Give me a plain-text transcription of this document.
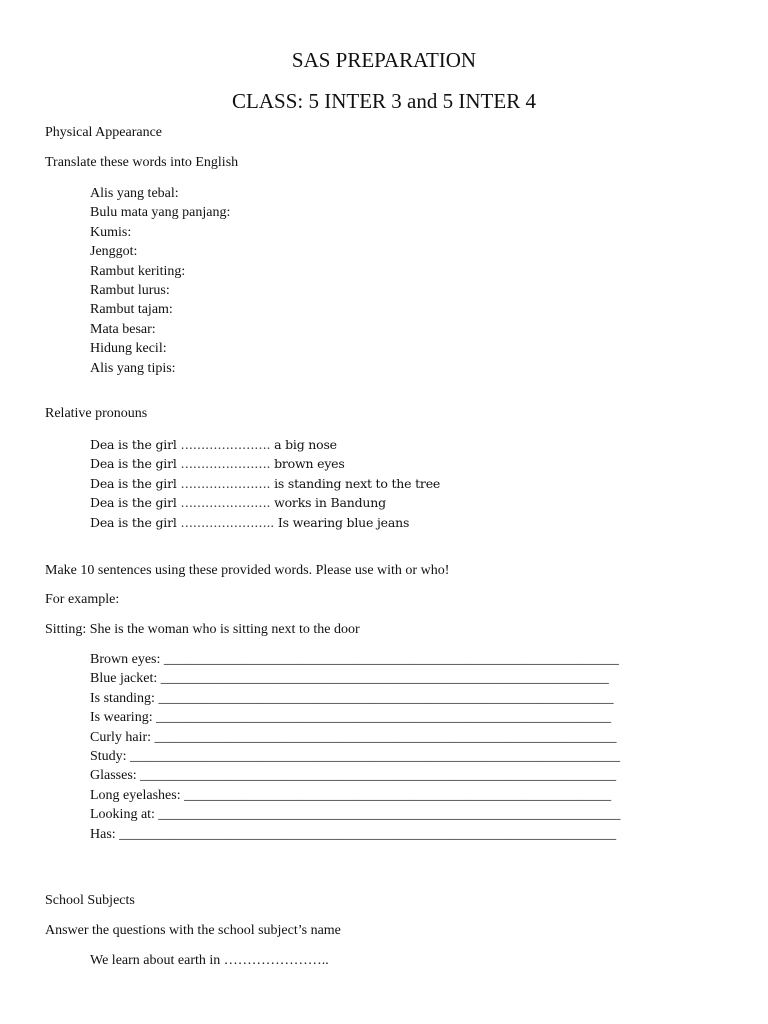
SAS PREPARATION
CLASS: 5 INTER 3 and 5 INTER 4
Physical Appearance
Translate these words into English
Alis yang tebal:
Bulu mata yang panjang:
Kumis:
Jenggot:
Rambut keriting:
Rambut lurus:
Rambut tajam:
Mata besar:
Hidung kecil:
Alis yang tipis:
Relative pronouns
Dea is the girl …………………. a big nose
Dea is the girl …………………. brown eyes
Dea is the girl …………………. is standing next to the tree
Dea is the girl …………………. works in Bandung
Dea is the girl ………………….. Is wearing blue jeans
Make 10 sentences using these provided words. Please use with or who!
For example:
Sitting: She is the woman who is sitting next to the door
Brown eyes: _________________________________________________________________
Blue jacket: ________________________________________________________________
Is standing: _________________________________________________________________
Is wearing: _________________________________________________________________
Curly hair: __________________________________________________________________
Study: ______________________________________________________________________
Glasses: ____________________________________________________________________
Long eyelashes: _____________________________________________________________
Looking at: __________________________________________________________________
Has: _______________________________________________________________________
School Subjects
Answer the questions with the school subject’s name
We learn about earth in …………………..
